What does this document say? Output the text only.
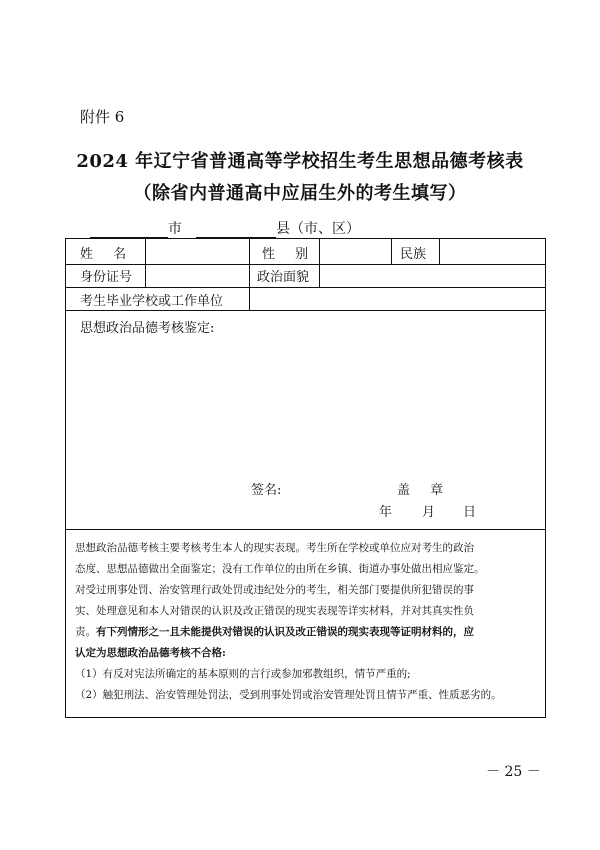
附件 6
2024 年辽宁省普通高等学校招生考生思想品德考核表
（除省内普通高中应届生外的考生填写）
市	县（市、区）
姓 名	性 别	民族
身份证号	政治面貌
考生毕业学校或工作单位
思想政治品德考核鉴定:
签名:	盖 章
年 月 日
思想政治品德考核主要考核考生本人的现实表现。考生所在学校或单位应对考生的政治
态度、思想品德做出全面鉴定；没有工作单位的由所在乡镇、街道办事处做出相应鉴定。
对受过刑事处罚、治安管理行政处罚或违纪处分的考生，相关部门要提供所犯错误的事
实、处理意见和本人对错误的认识及改正错误的现实表现等详实材料，并对其真实性负
责。有下列情形之一且未能提供对错误的认识及改正错误的现实表现等证明材料的，应
认定为思想政治品德考核不合格:
（1）有反对宪法所确定的基本原则的言行或参加邪教组织，情节严重的;
（2）触犯刑法、治安管理处罚法，受到刑事处罚或治安管理处罚且情节严重、性质恶劣的。
－ 25 －
